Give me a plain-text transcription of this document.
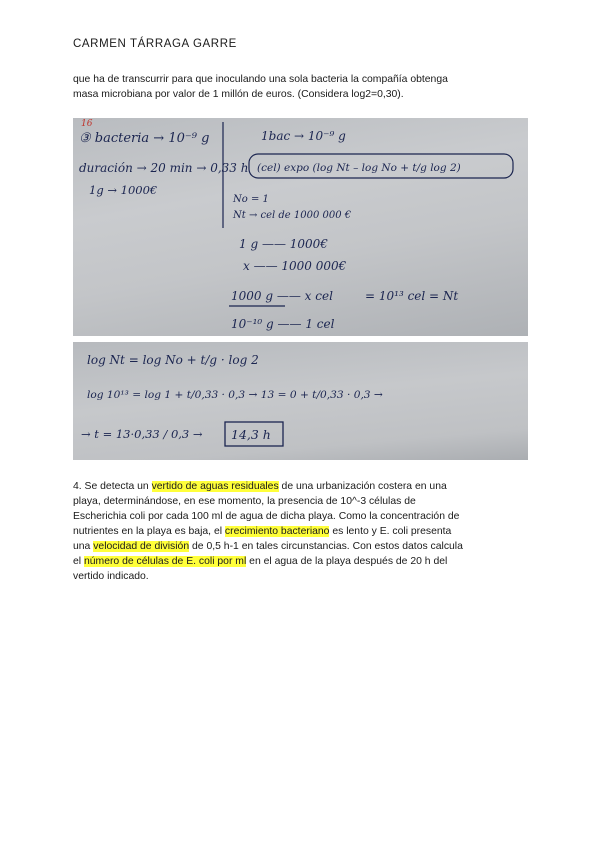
CARMEN TÁRRAGA GARRE
que ha de transcurrir para que inoculando una sola bacteria la compañía obtenga masa microbiana por valor de 1 millón de euros. (Considera log2=0,30).
16
③ bacteria → 10⁻⁹ g	1bac → 10⁻⁹ g
duración → 20 min → 0,33 h (cel) expo (log Nt – log No + t/g log 2)
1g → 1000€
No = 1
Nt → cel de 1000 000 €
1 g —— 1000€
x —— 1000 000€
1000 g —— x cel
10⁻¹⁰ g —— 1 cel
= 10¹³ cel = Nt
log Nt = log No + t/g · log 2
log 10¹³ = log 1 + t/0,33 · 0,3 → 13 = 0 + t/0,33 · 0,3 →
→ t = 13·0,33 / 0,3 → 14,3 h
4. Se detecta un vertido de aguas residuales de una urbanización costera en una playa, determinándose, en ese momento, la presencia de 10^-3 células de Escherichia coli por cada 100 ml de agua de dicha playa. Como la concentración de nutrientes en la playa es baja, el crecimiento bacteriano es lento y E. coli presenta una velocidad de división de 0,5 h-1 en tales circunstancias. Con estos datos calcula el número de células de E. coli por ml en el agua de la playa después de 20 h del vertido indicado.
